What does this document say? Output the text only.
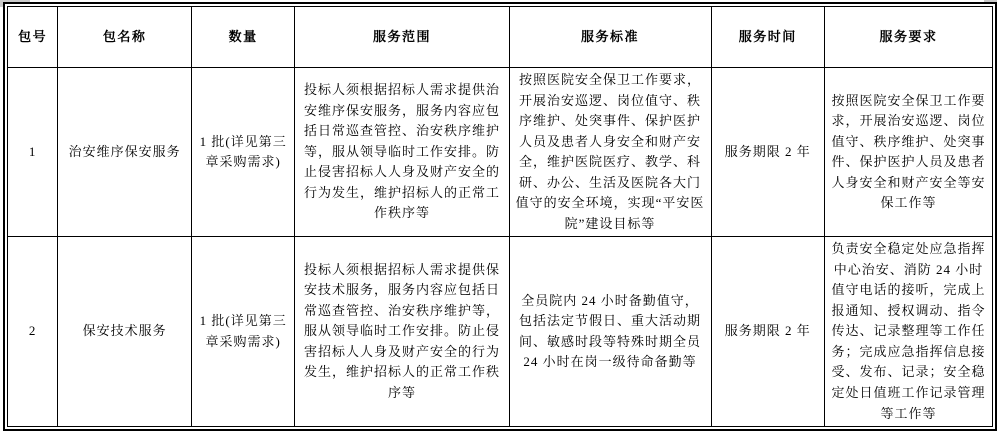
包号	包名称	数量	服务范围	服务标准	服务时间	服务要求
1	治安维序保安服务	1 批(详见第三章采购需求)	投标人须根据招标人需求提供治安维序保安服务，服务内容应包括日常巡查管控、治安秩序维护等，服从领导临时工作安排。防止侵害招标人人身及财产安全的行为发生，维护招标人的正常工作秩序等	按照医院安全保卫工作要求，开展治安巡逻、岗位值守、秩序维护、处突事件、保护医护人员及患者人身安全和财产安全，维护医院医疗、教学、科研、办公、生活及医院各大门值守的安全环境，实现“平安医院”建设目标等	服务期限 2 年	按照医院安全保卫工作要求，开展治安巡逻、岗位值守、秩序维护、处突事件、保护医护人员及患者人身安全和财产安全等安保工作等
2	保安技术服务	1 批(详见第三章采购需求)	投标人须根据招标人需求提供保安技术服务，服务内容应包括日常巡查管控、治安秩序维护等，服从领导临时工作安排。防止侵害招标人人身及财产安全的行为发生，维护招标人的正常工作秩序等	全员院内 24 小时备勤值守，包括法定节假日、重大活动期间、敏感时段等特殊时期全员 24 小时在岗一级待命备勤等	服务期限 2 年	负责安全稳定处应急指挥中心治安、消防 24 小时值守电话的接听，完成上报通知、授权调动、指令传达、记录整理等工作任务；完成应急指挥信息接受、发布、记录；安全稳定处日值班工作记录管理等工作等
